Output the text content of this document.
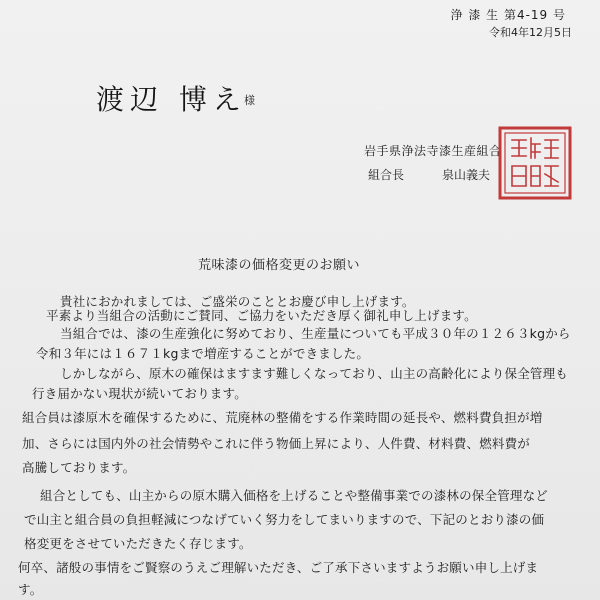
浄 漆 生 第4-19 号
令和4年12月5日
渡辺 博え
様
岩手県浄法寺漆生産組合
組合長	泉山義夫
荒味漆の価格変更のお願い
貴社におかれましては、ご盛栄のこととお慶び申し上げます。
平素より当組合の活動にご賛同、ご協力をいただき厚く御礼申し上げます。
当組合では、漆の生産強化に努めており、生産量についても平成３０年の１２６３kgから
令和３年には１６７１kgまで増産することができました。
しかしながら、原木の確保はますます難しくなっており、山主の高齢化により保全管理も
行き届かない現状が続いております。
組合員は漆原木を確保するために、荒廃林の整備をする作業時間の延長や、燃料費負担が増
加、さらには国内外の社会情勢やこれに伴う物価上昇により、人件費、材料費、燃料費が
高騰しております。
組合としても、山主からの原木購入価格を上げることや整備事業での漆林の保全管理など
で山主と組合員の負担軽減につなげていく努力をしてまいりますので、下記のとおり漆の価
格変更をさせていただきたく存じます。
何卒、諸般の事情をご賢察のうえご理解いただき、ご了承下さいますようお願い申し上げま
す。
